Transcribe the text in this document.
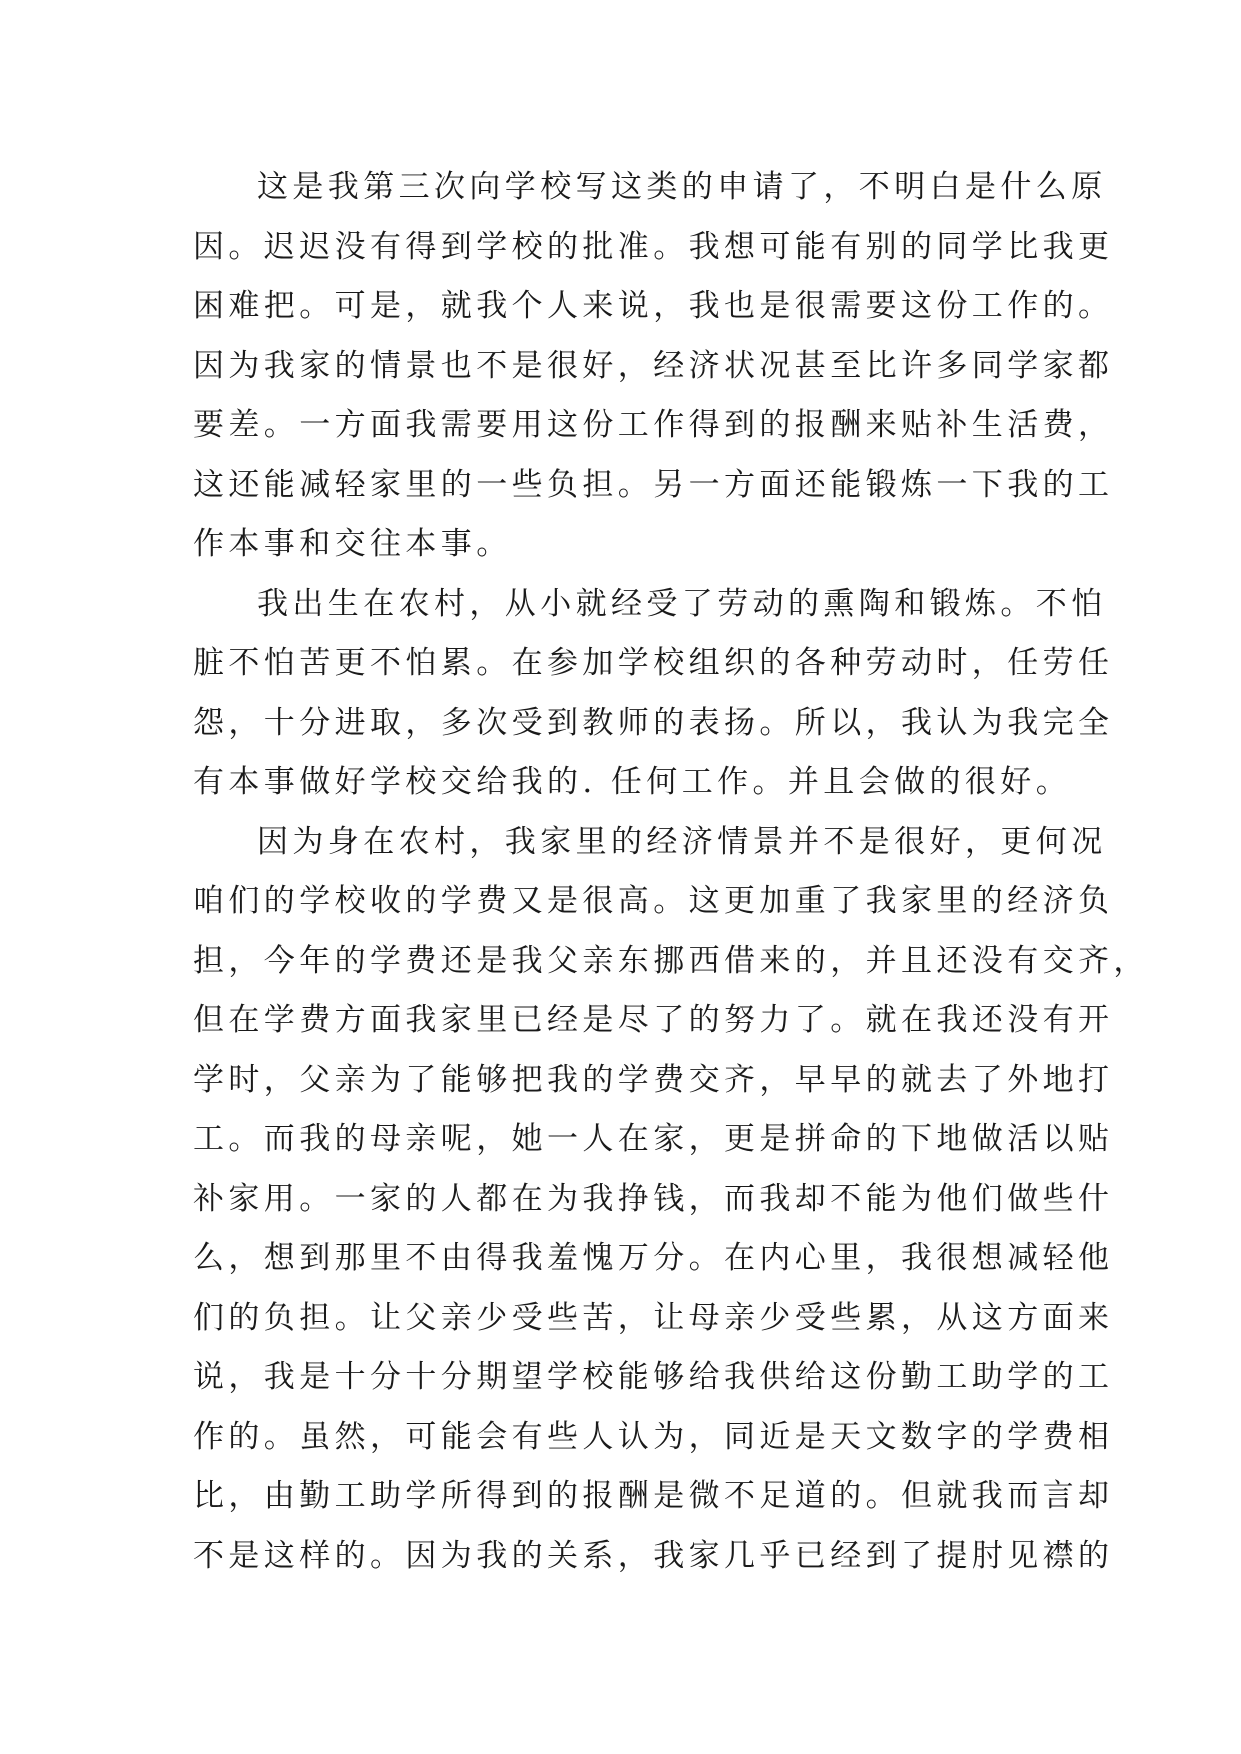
这是我第三次向学校写这类的申请了，不明白是什么原
因。迟迟没有得到学校的批准。我想可能有别的同学比我更
困难把。可是，就我个人来说，我也是很需要这份工作的。
因为我家的情景也不是很好，经济状况甚至比许多同学家都
要差。一方面我需要用这份工作得到的报酬来贴补生活费，
这还能减轻家里的一些负担。另一方面还能锻炼一下我的工
作本事和交往本事。
我出生在农村，从小就经受了劳动的熏陶和锻炼。不怕
脏不怕苦更不怕累。在参加学校组织的各种劳动时，任劳任
怨，十分进取，多次受到教师的表扬。所以，我认为我完全
有本事做好学校交给我的. 任何工作。并且会做的很好。
因为身在农村，我家里的经济情景并不是很好，更何况
咱们的学校收的学费又是很高。这更加重了我家里的经济负
担，今年的学费还是我父亲东挪西借来的，并且还没有交齐，
但在学费方面我家里已经是尽了的努力了。就在我还没有开
学时，父亲为了能够把我的学费交齐，早早的就去了外地打
工。而我的母亲呢，她一人在家，更是拼命的下地做活以贴
补家用。一家的人都在为我挣钱，而我却不能为他们做些什
么，想到那里不由得我羞愧万分。在内心里，我很想减轻他
们的负担。让父亲少受些苦，让母亲少受些累，从这方面来
说，我是十分十分期望学校能够给我供给这份勤工助学的工
作的。虽然，可能会有些人认为，同近是天文数字的学费相
比，由勤工助学所得到的报酬是微不足道的。但就我而言却
不是这样的。因为我的关系，我家几乎已经到了提肘见襟的
